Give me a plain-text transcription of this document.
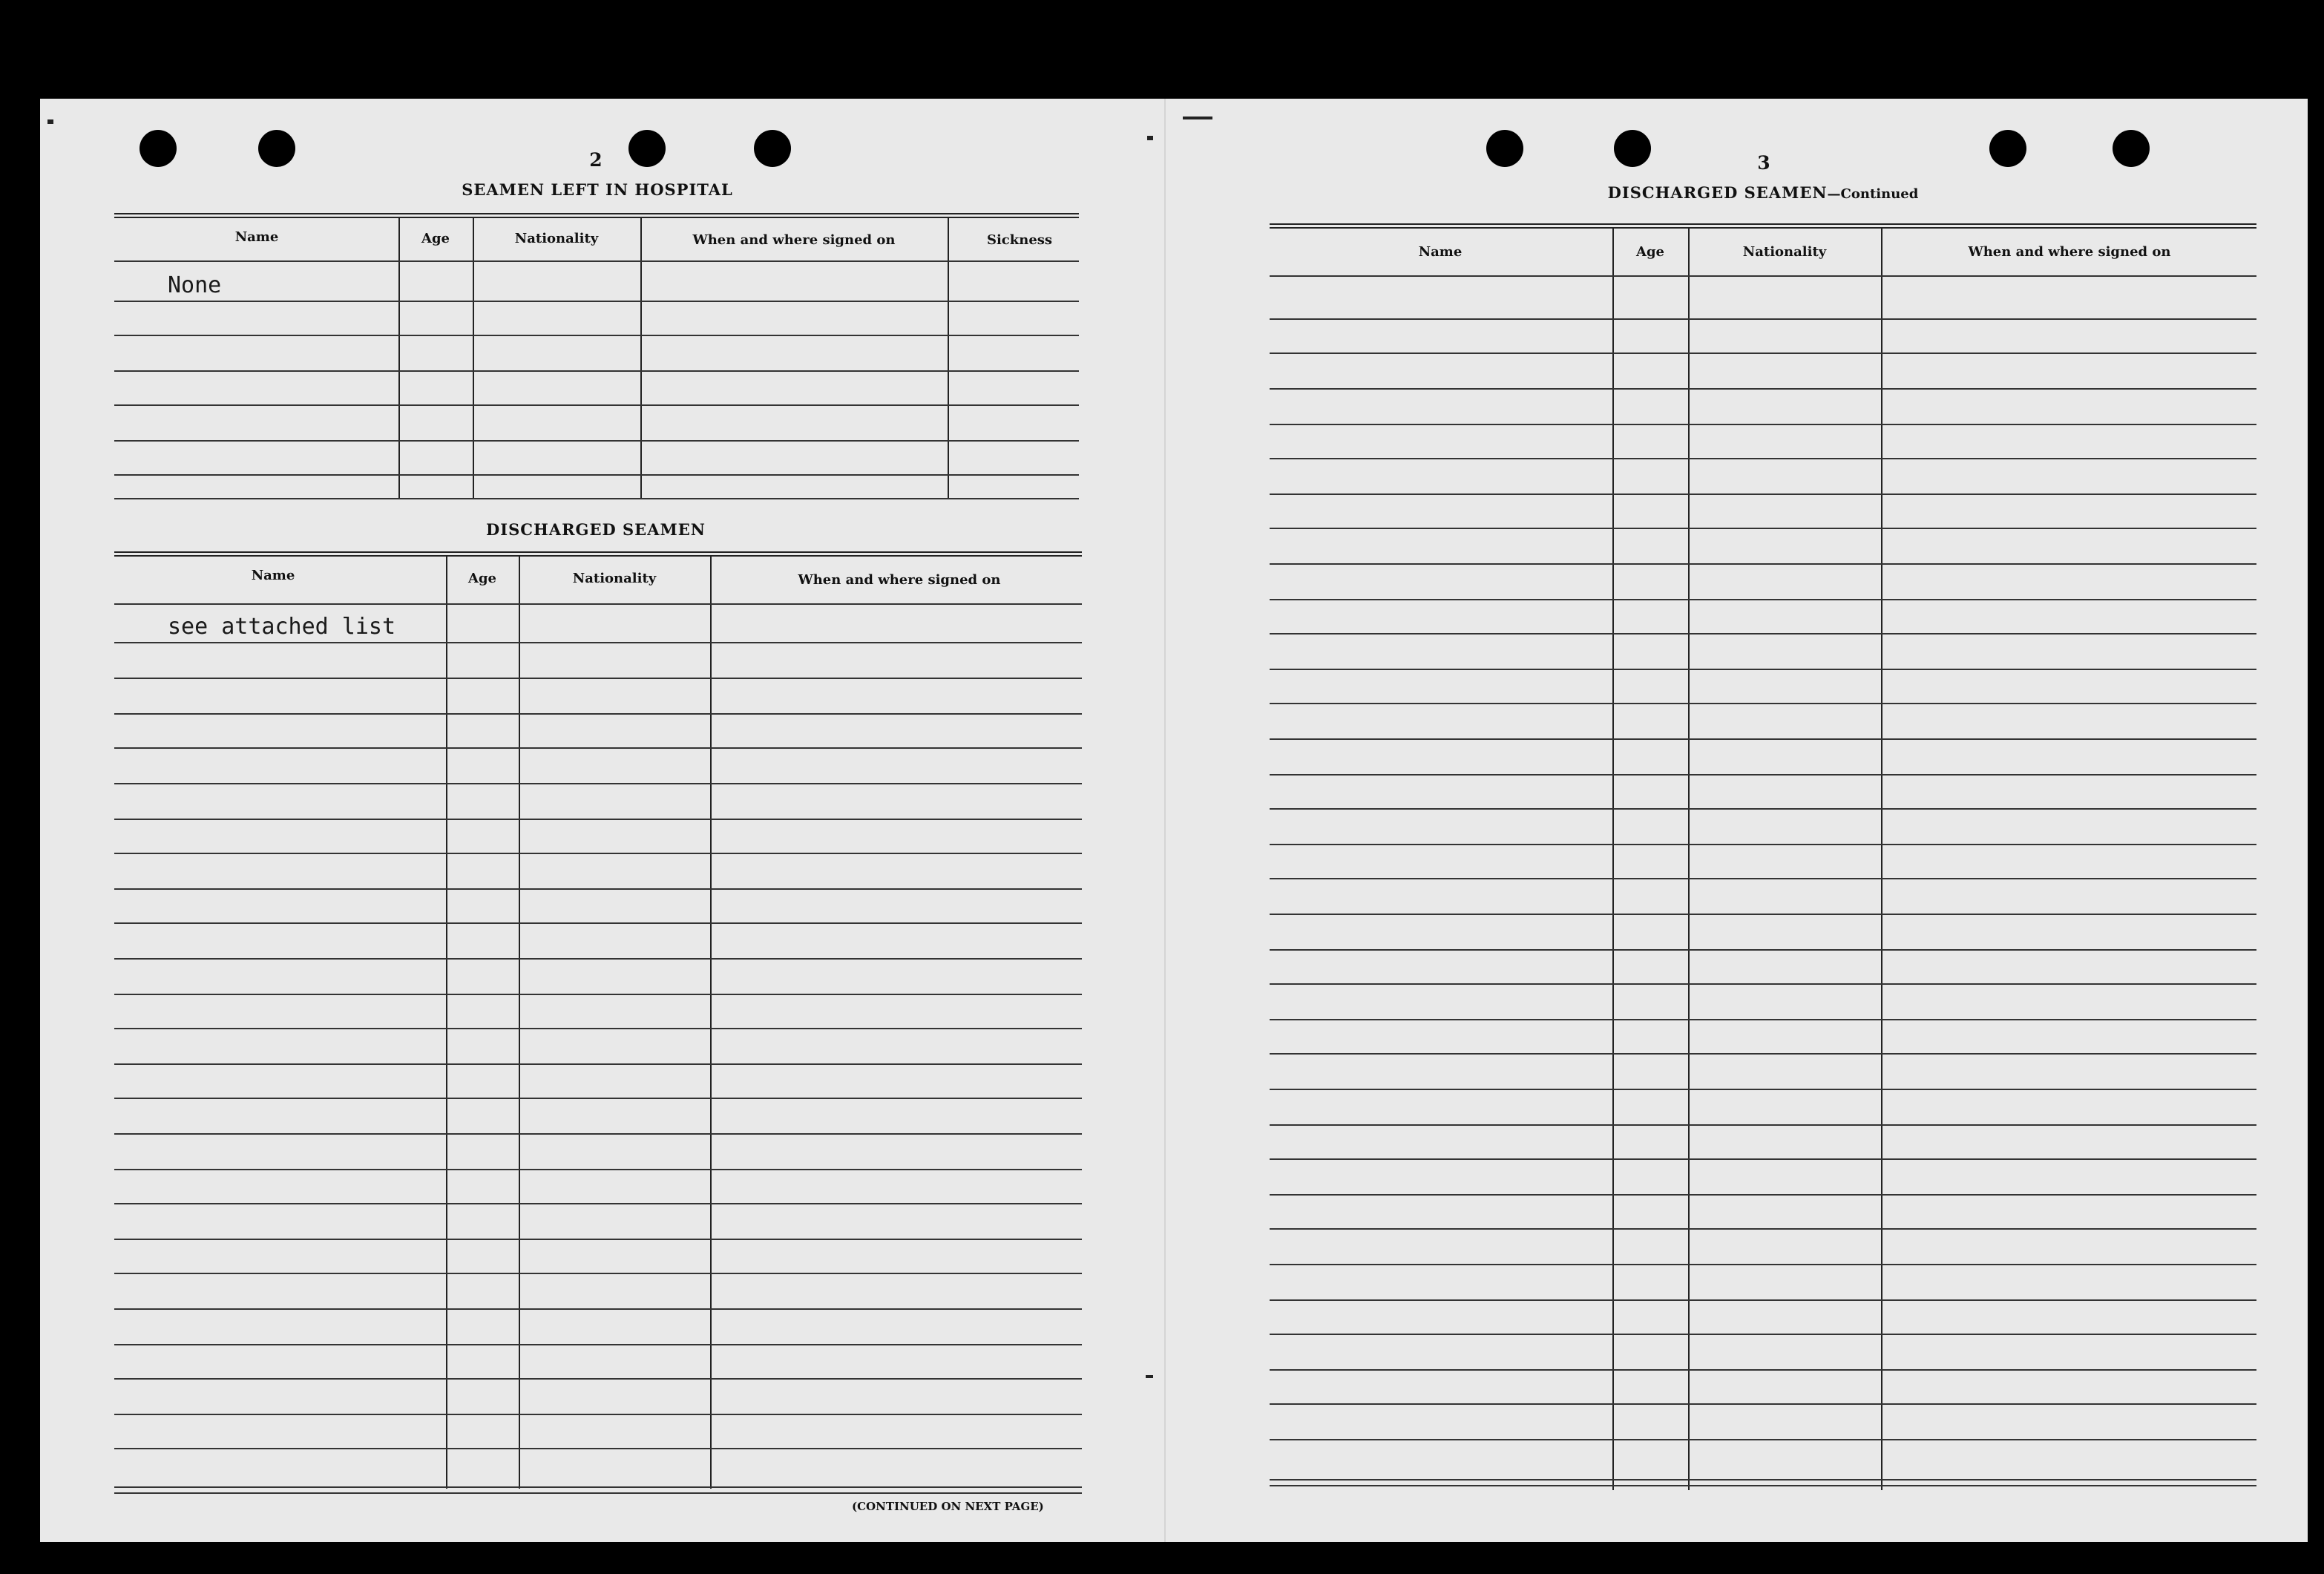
2
SEAMEN LEFT IN HOSPITAL
Name	Age	Nationality	When and where signed on	Sickness
None
DISCHARGED SEAMEN
Name	Age	Nationality	When and where signed on
see attached list
(CONTINUED ON NEXT PAGE)
3
DISCHARGED SEAMEN—Continued
Name	Age	Nationality	When and where signed on
